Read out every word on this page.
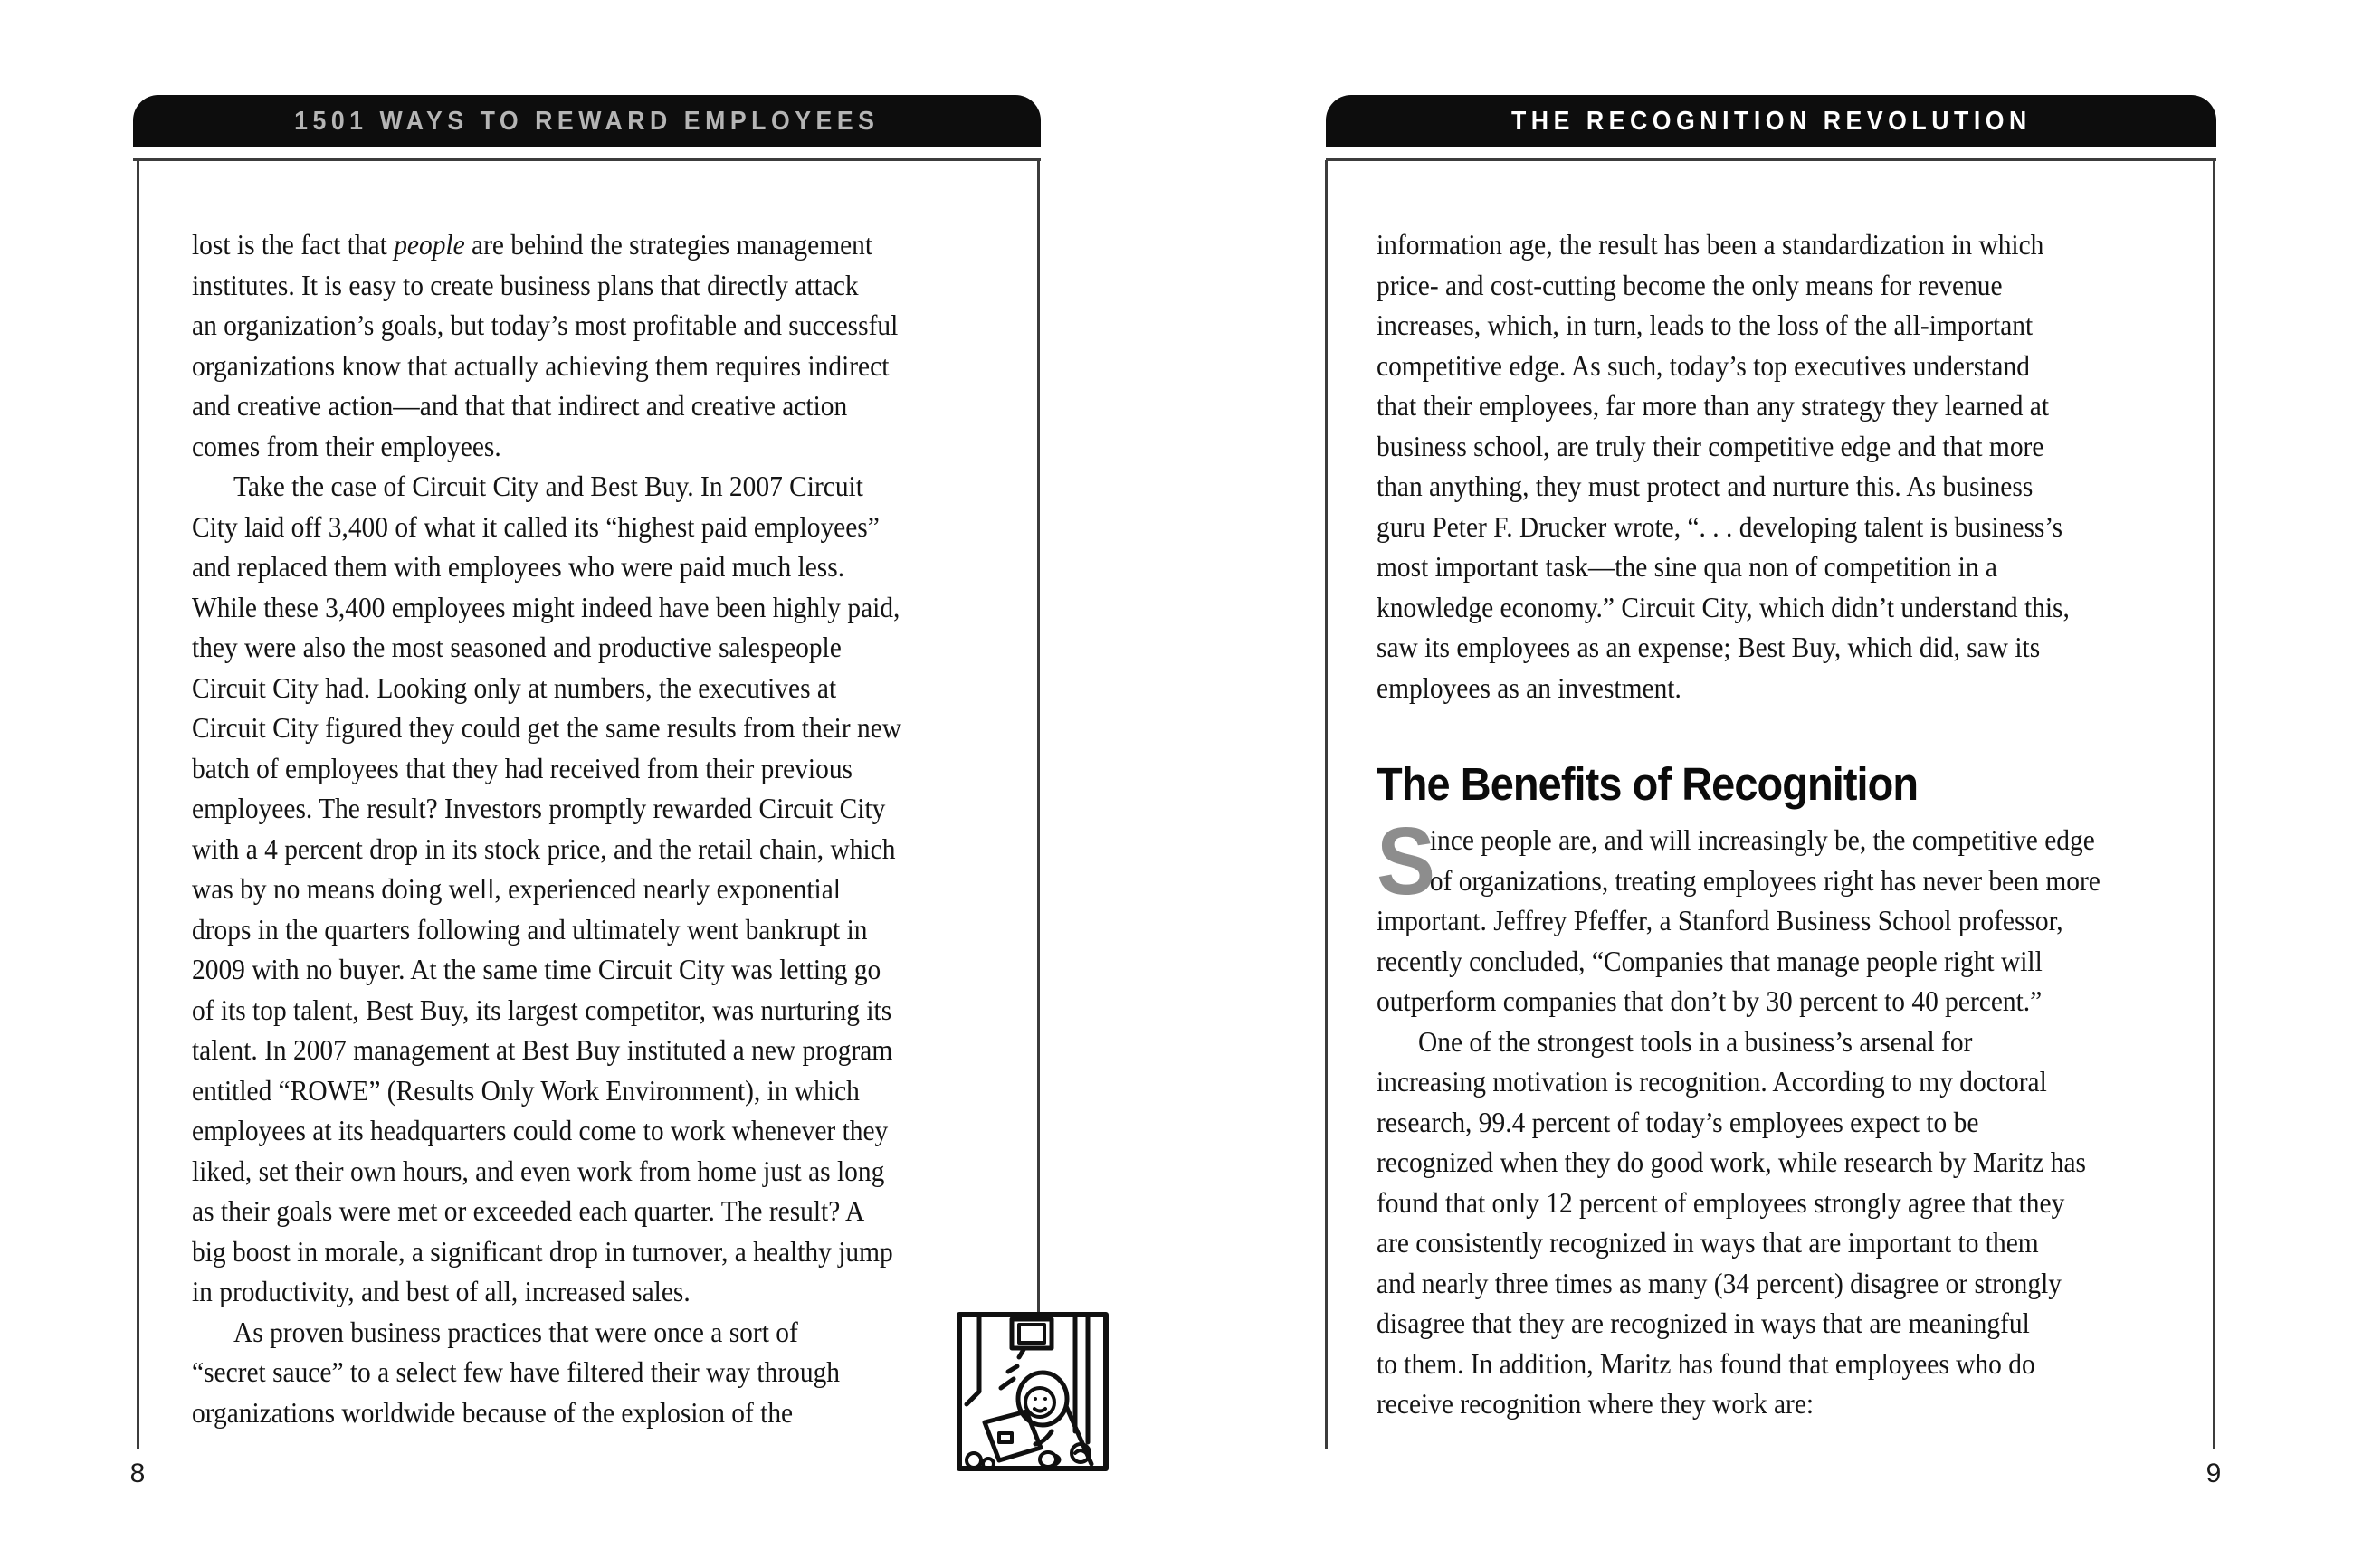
1501 WAYS TO REWARD EMPLOYEES
lost is the fact that people are behind the strategies management
institutes. It is easy to create business plans that directly attack
an organization’s goals, but today’s most profitable and successful
organizations know that actually achieving them requires indirect
and creative action—and that that indirect and creative action
comes from their employees.
Take the case of Circuit City and Best Buy. In 2007 Circuit
City laid off 3,400 of what it called its “highest paid employees”
and replaced them with employees who were paid much less.
While these 3,400 employees might indeed have been highly paid,
they were also the most seasoned and productive salespeople
Circuit City had. Looking only at numbers, the executives at
Circuit City figured they could get the same results from their new
batch of employees that they had received from their previous
employees. The result? Investors promptly rewarded Circuit City
with a 4 percent drop in its stock price, and the retail chain, which
was by no means doing well, experienced nearly exponential
drops in the quarters following and ultimately went bankrupt in
2009 with no buyer. At the same time Circuit City was letting go
of its top talent, Best Buy, its largest competitor, was nurturing its
talent. In 2007 management at Best Buy instituted a new program
entitled “ROWE” (Results Only Work Environment), in which
employees at its headquarters could come to work whenever they
liked, set their own hours, and even work from home just as long
as their goals were met or exceeded each quarter. The result? A
big boost in morale, a significant drop in turnover, a healthy jump
in productivity, and best of all, increased sales.
As proven business practices that were once a sort of
“secret sauce” to a select few have filtered their way through
organizations worldwide because of the explosion of the
8
THE RECOGNITION REVOLUTION
information age, the result has been a standardization in which
price- and cost-cutting become the only means for revenue
increases, which, in turn, leads to the loss of the all-important
competitive edge. As such, today’s top executives understand
that their employees, far more than any strategy they learned at
business school, are truly their competitive edge and that more
than anything, they must protect and nurture this. As business
guru Peter F. Drucker wrote, “. . . developing talent is business’s
most important task—the sine qua non of competition in a
knowledge economy.” Circuit City, which didn’t understand this,
saw its employees as an expense; Best Buy, which did, saw its
employees as an investment.
The Benefits of Recognition
S
ince people are, and will increasingly be, the competitive edge
of organizations, treating employees right has never been more
important. Jeffrey Pfeffer, a Stanford Business School professor,
recently concluded, “Companies that manage people right will
outperform companies that don’t by 30 percent to 40 percent.”
One of the strongest tools in a business’s arsenal for
increasing motivation is recognition. According to my doctoral
research, 99.4 percent of today’s employees expect to be
recognized when they do good work, while research by Maritz has
found that only 12 percent of employees strongly agree that they
are consistently recognized in ways that are important to them
and nearly three times as many (34 percent) disagree or strongly
disagree that they are recognized in ways that are meaningful
to them. In addition, Maritz has found that employees who do
receive recognition where they work are:
9
